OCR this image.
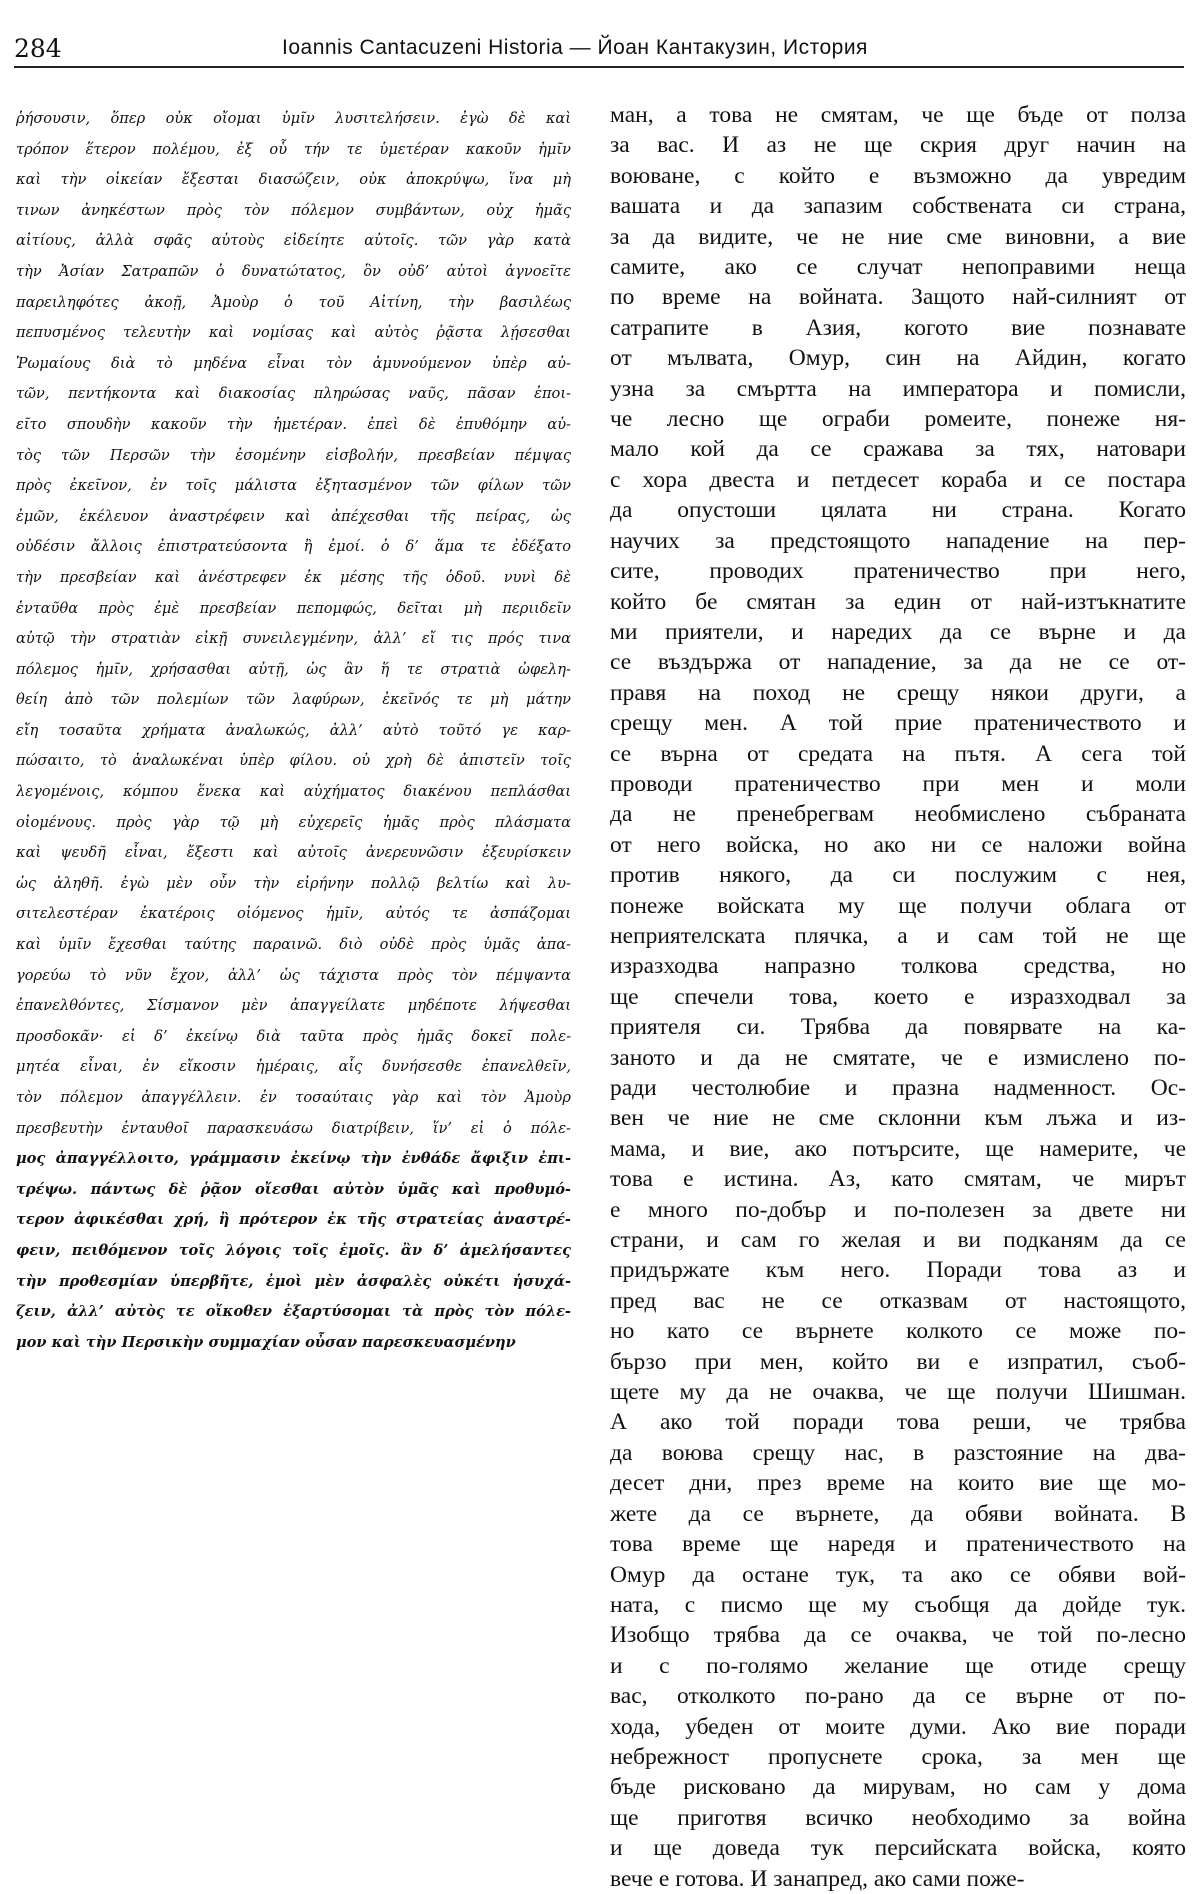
284	Ioannis Cantacuzeni Historia — Йоан Кантакузин, История
ῥήσουσιν, ὅπερ οὐκ οἴομαι ὑμῖν λυσιτελήσειν. ἐγὼ δὲ καὶ
τρόπον ἕτερον πολέμου, ἐξ οὗ τήν τε ὑμετέραν κακοῦν ἡμῖν
καὶ τὴν οἰκείαν ἔξεσται διασώζειν, οὐκ ἀποκρύψω, ἵνα μὴ
τινων ἀνηκέστων πρὸς τὸν πόλεμον συμβάντων, οὐχ ἡμᾶς
αἰτίους, ἀλλὰ σφᾶς αὐτοὺς εἰδείητε αὐτοῖς. τῶν γὰρ κατὰ
τὴν Ἀσίαν Σατραπῶν ὁ δυνατώτατος, ὃν οὐδ’ αὐτοὶ ἀγνοεῖτε
παρειληφότες ἀκοῇ, Ἀμοὺρ ὁ τοῦ Αἰτίνη, τὴν βασιλέως
πεπυσμένος τελευτὴν καὶ νομίσας καὶ αὐτὸς ῥᾷστα λῄσεσθαι
Ῥωμαίους διὰ τὸ μηδένα εἶναι τὸν ἀμυνούμενον ὑπὲρ αὐ-
τῶν, πεντήκοντα καὶ διακοσίας πληρώσας ναῦς, πᾶσαν ἐποι-
εῖτο σπουδὴν κακοῦν τὴν ἡμετέραν. ἐπεὶ δὲ ἐπυθόμην αὐ-
τὸς τῶν Περσῶν τὴν ἐσομένην εἰσβολήν, πρεσβείαν πέμψας
πρὸς ἐκεῖνον, ἐν τοῖς μάλιστα ἐξητασμένον τῶν φίλων τῶν
ἐμῶν, ἐκέλευον ἀναστρέφειν καὶ ἀπέχεσθαι τῆς πείρας, ὡς
οὐδέσιν ἄλλοις ἐπιστρατεύσοντα ἢ ἐμοί. ὁ δ’ ἅμα τε ἐδέξατο
τὴν πρεσβείαν καὶ ἀνέστρεφεν ἐκ μέσης τῆς ὁδοῦ. νυνὶ δὲ
ἐνταῦθα πρὸς ἐμὲ πρεσβείαν πεπομφώς, δεῖται μὴ περιιδεῖν
αὐτῷ τὴν στρατιὰν εἰκῇ συνειλεγμένην, ἀλλ’ εἴ τις πρός τινα
πόλεμος ἡμῖν, χρήσασθαι αὐτῇ, ὡς ἂν ἥ τε στρατιὰ ὠφελη-
θείη ἀπὸ τῶν πολεμίων τῶν λαφύρων, ἐκεῖνός τε μὴ μάτην
εἴη τοσαῦτα χρήματα ἀναλωκώς, ἀλλ’ αὐτὸ τοῦτό γε καρ-
πώσαιτο, τὸ ἀναλωκέναι ὑπὲρ φίλου. οὐ χρὴ δὲ ἀπιστεῖν τοῖς
λεγομένοις, κόμπου ἕνεκα καὶ αὐχήματος διακένου πεπλάσθαι
οἰομένους. πρὸς γὰρ τῷ μὴ εὐχερεῖς ἡμᾶς πρὸς πλάσματα
καὶ ψευδῆ εἶναι, ἔξεστι καὶ αὐτοῖς ἀνερευνῶσιν ἐξευρίσκειν
ὡς ἀληθῆ. ἐγὼ μὲν οὖν τὴν εἰρήνην πολλῷ βελτίω καὶ λυ-
σιτελεστέραν ἑκατέροις οἰόμενος ἡμῖν, αὐτός τε ἀσπάζομαι
καὶ ὑμῖν ἔχεσθαι ταύτης παραινῶ. διὸ οὐδὲ πρὸς ὑμᾶς ἀπα-
γορεύω τὸ νῦν ἔχον, ἀλλ’ ὡς τάχιστα πρὸς τὸν πέμψαντα
ἐπανελθόντες, Σίσμανον μὲν ἀπαγγείλατε μηδέποτε λήψεσθαι
προσδοκᾶν· εἰ δ’ ἐκείνῳ διὰ ταῦτα πρὸς ἡμᾶς δοκεῖ πολε-
μητέα εἶναι, ἐν εἴκοσιν ἡμέραις, αἷς δυνήσεσθε ἐπανελθεῖν,
τὸν πόλεμον ἀπαγγέλλειν. ἐν τοσαύταις γὰρ καὶ τὸν Ἀμοὺρ
πρεσβευτὴν ἐνταυθοῖ παρασκευάσω διατρίβειν, ἵν’ εἰ ὁ πόλε-
μος ἀπαγγέλλοιτο, γράμμασιν ἐκείνῳ τὴν ἐνθάδε ἄφιξιν ἐπι-
τρέψω. πάντως δὲ ῥᾷον οἴεσθαι αὐτὸν ὑμᾶς καὶ προθυμό-
τερον ἀφικέσθαι χρή, ἢ πρότερον ἐκ τῆς στρατείας ἀναστρέ-
φειν, πειθόμενον τοῖς λόγοις τοῖς ἐμοῖς. ἂν δ’ ἀμελήσαντες
τὴν προθεσμίαν ὑπερβῆτε, ἐμοὶ μὲν ἀσφαλὲς οὐκέτι ἡσυχά-
ζειν, ἀλλ’ αὐτὸς τε οἴκοθεν ἐξαρτύσομαι τὰ πρὸς τὸν πόλε-
μον καὶ τὴν Περσικὴν συμμαχίαν οὖσαν παρεσκευασμένην
ман, а това не смятам, че ще бъде от полза
за вас. И аз не ще скрия друг начин на
воюване, с който е възможно да увредим
вашата и да запазим собствената си страна,
за да видите, че не ние сме виновни, а вие
самите, ако се случат непоправими неща
по време на войната. Защото най-силният от
сатрапите в Азия, когото вие познавате
от мълвата, Омур, син на Айдин, когато
узна за смъртта на императора и помисли,
че лесно ще ограби ромеите, понеже ня-
мало кой да се сражава за тях, натовари
с хора двеста и петдесет кораба и се постара
да опустоши цялата ни страна. Когато
научих за предстоящото нападение на пер-
сите, проводих пратеничество при него,
който бе смятан за един от най-изтъкнатите
ми приятели, и наредих да се върне и да
се въздържа от нападение, за да не се от-
правя на поход не срещу някои други, а
срещу мен. А той прие пратеничеството и
се върна от средата на пътя. А сега той
проводи пратеничество при мен и моли
да не пренебрегвам необмислено събраната
от него войска, но ако ни се наложи война
против някого, да си послужим с нея,
понеже войската му ще получи облага от
неприятелската плячка, а и сам той не ще
изразходва напразно толкова средства, но
ще спечели това, което е изразходвал за
приятеля си. Трябва да повярвате на ка-
заното и да не смятате, че е измислено по-
ради честолюбие и празна надменност. Ос-
вен че ние не сме склонни към лъжа и из-
мама, и вие, ако потърсите, ще намерите, че
това е истина. Аз, като смятам, че мирът
е много по-добър и по-полезен за двете ни
страни, и сам го желая и ви подканям да се
придържате към него. Поради това аз и
пред вас не се отказвам от настоящото,
но като се върнете колкото се може по-
бързо при мен, който ви е изпратил, съоб-
щете му да не очаква, че ще получи Шишман.
А ако той поради това реши, че трябва
да воюва срещу нас, в разстояние на два-
десет дни, през време на които вие ще мо-
жете да се върнете, да обяви войната. В
това време ще наредя и пратеничеството на
Омур да остане тук, та ако се обяви вой-
ната, с писмо ще му съобщя да дойде тук.
Изобщо трябва да се очаква, че той по-лесно
и с по-голямо желание ще отиде срещу
вас, отколкото по-рано да се върне от по-
хода, убеден от моите думи. Ако вие поради
небрежност пропуснете срока, за мен ще
бъде рисковано да мирувам, но сам у дома
ще приготвя всичко необходимо за война
и ще доведа тук персийската войска, която
вече е готова. И занапред, ако сами поже-
